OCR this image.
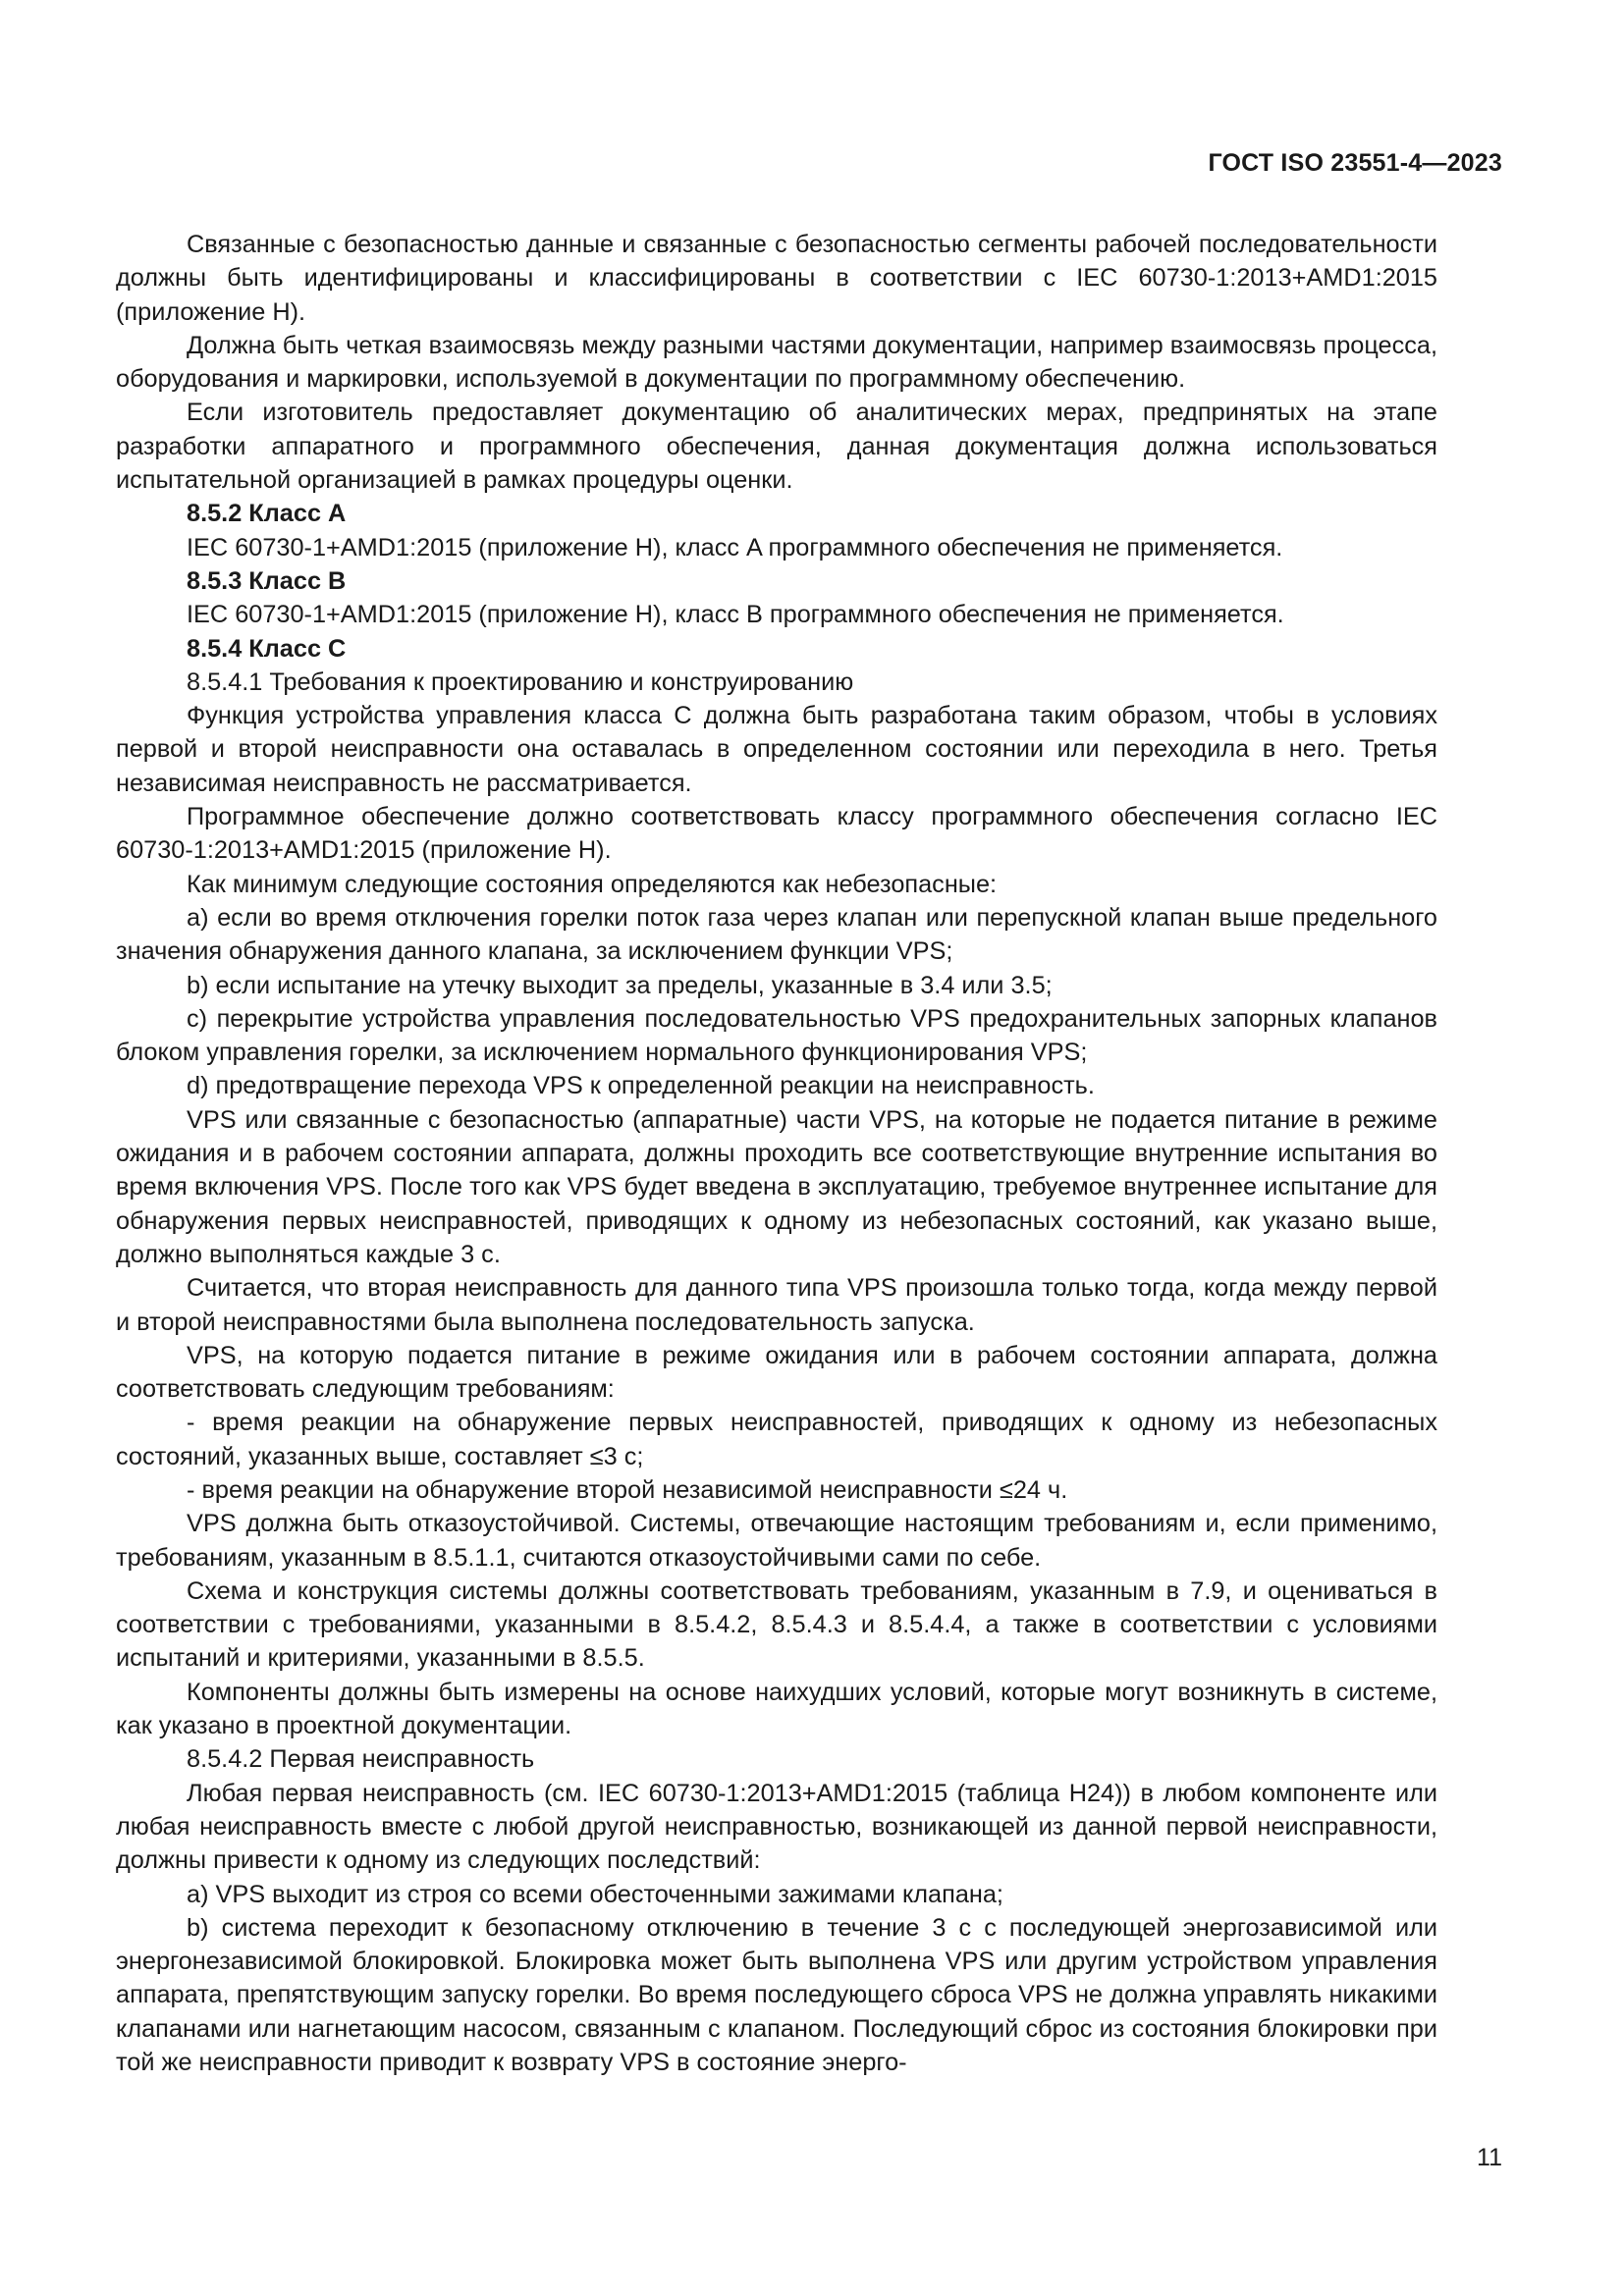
ГОСТ ISO 23551-4—2023

Связанные с безопасностью данные и связанные с безопасностью сегменты рабочей последовательности должны быть идентифицированы и классифицированы в соответствии с IEC 60730-1:2013+AMD1:2015 (приложение Н).

Должна быть четкая взаимосвязь между разными частями документации, например взаимосвязь процесса, оборудования и маркировки, используемой в документации по программному обеспечению.

Если изготовитель предоставляет документацию об аналитических мерах, предпринятых на этапе разработки аппаратного и программного обеспечения, данная документация должна использоваться испытательной организацией в рамках процедуры оценки.

8.5.2 Класс А

IEC 60730-1+AMD1:2015 (приложение H), класс A программного обеспечения не применяется.

8.5.3 Класс В

IEC 60730-1+AMD1:2015 (приложение H), класс B программного обеспечения не применяется.

8.5.4 Класс С

8.5.4.1 Требования к проектированию и конструированию

Функция устройства управления класса С должна быть разработана таким образом, чтобы в условиях первой и второй неисправности она оставалась в определенном состоянии или переходила в него. Третья независимая неисправность не рассматривается.

Программное обеспечение должно соответствовать классу программного обеспечения согласно IEC 60730-1:2013+AMD1:2015 (приложение Н).

Как минимум следующие состояния определяются как небезопасные:

a) если во время отключения горелки поток газа через клапан или перепускной клапан выше предельного значения обнаружения данного клапана, за исключением функции VPS;

b) если испытание на утечку выходит за пределы, указанные в 3.4 или 3.5;

c) перекрытие устройства управления последовательностью VPS предохранительных запорных клапанов блоком управления горелки, за исключением нормального функционирования VPS;

d) предотвращение перехода VPS к определенной реакции на неисправность.

VPS или связанные с безопасностью (аппаратные) части VPS, на которые не подается питание в режиме ожидания и в рабочем состоянии аппарата, должны проходить все соответствующие внутренние испытания во время включения VPS. После того как VPS будет введена в эксплуатацию, требуемое внутреннее испытание для обнаружения первых неисправностей, приводящих к одному из небезопасных состояний, как указано выше, должно выполняться каждые 3 с.

Считается, что вторая неисправность для данного типа VPS произошла только тогда, когда между первой и второй неисправностями была выполнена последовательность запуска.

VPS, на которую подается питание в режиме ожидания или в рабочем состоянии аппарата, должна соответствовать следующим требованиям:

- время реакции на обнаружение первых неисправностей, приводящих к одному из небезопасных состояний, указанных выше, составляет ≤3 с;

- время реакции на обнаружение второй независимой неисправности ≤24 ч.

VPS должна быть отказоустойчивой. Системы, отвечающие настоящим требованиям и, если применимо, требованиям, указанным в 8.5.1.1, считаются отказоустойчивыми сами по себе.

Схема и конструкция системы должны соответствовать требованиям, указанным в 7.9, и оцениваться в соответствии с требованиями, указанными в 8.5.4.2, 8.5.4.3 и 8.5.4.4, а также в соответствии с условиями испытаний и критериями, указанными в 8.5.5.

Компоненты должны быть измерены на основе наихудших условий, которые могут возникнуть в системе, как указано в проектной документации.

8.5.4.2 Первая неисправность

Любая первая неисправность (см. IEC 60730-1:2013+AMD1:2015 (таблица H24)) в любом компоненте или любая неисправность вместе с любой другой неисправностью, возникающей из данной первой неисправности, должны привести к одному из следующих последствий:

a) VPS выходит из строя со всеми обесточенными зажимами клапана;

b) система переходит к безопасному отключению в течение 3 с с последующей энергозависимой или энергонезависимой блокировкой. Блокировка может быть выполнена VPS или другим устройством управления аппарата, препятствующим запуску горелки. Во время последующего сброса VPS не должна управлять никакими клапанами или нагнетающим насосом, связанным с клапаном. Последующий сброс из состояния блокировки при той же неисправности приводит к возврату VPS в состояние энерго-

11
